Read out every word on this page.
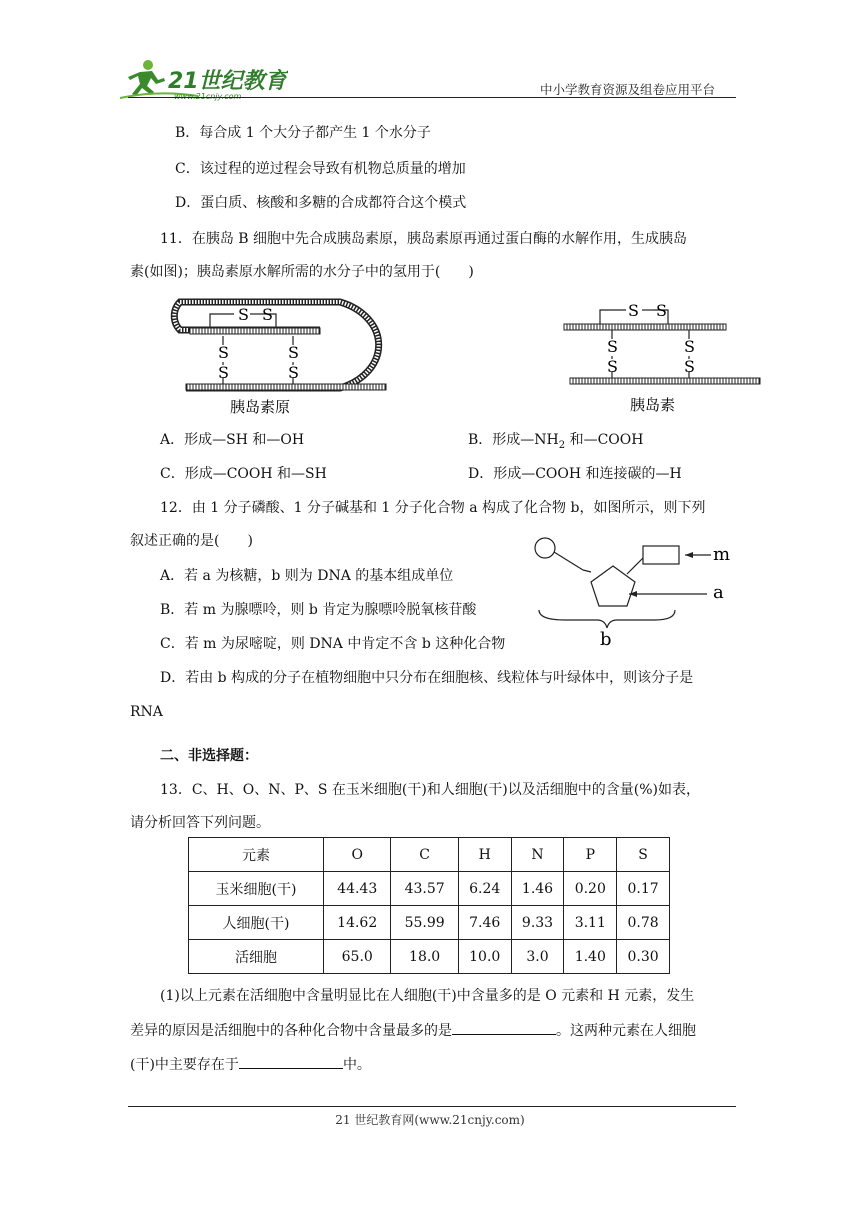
21世纪教育
www.21cnjy.com	中小学教育资源及组卷应用平台
B．每合成 1 个大分子都产生 1 个水分子
C．该过程的逆过程会导致有机物总质量的增加
D．蛋白质、核酸和多糖的合成都符合这个模式
11．在胰岛 B 细胞中先合成胰岛素原，胰岛素原再通过蛋白酶的水解作用，生成胰岛
素(如图)；胰岛素原水解所需的水分子中的氢用于(　　)
S S
S
S
S
S
胰岛素原
S S
S
S
S
S
胰岛素
A．形成—SH 和—OH	B．形成$—NH_2$ 和—COOH
C．形成—COOH 和—SH	D．形成—COOH 和连接碳的—H
12．由 1 分子磷酸、1 分子碱基和 1 分子化合物 a 构成了化合物 b，如图所示，则下列
叙述正确的是(　　)
A．若 a 为核糖，b 则为 DNA 的基本组成单位
B．若 m 为腺嘌呤，则 b 肯定为腺嘌呤脱氧核苷酸
C．若 m 为尿嘧啶，则 DNA 中肯定不含 b 这种化合物
D．若由 b 构成的分子在植物细胞中只分布在细胞核、线粒体与叶绿体中，则该分子是
RNA
m
a
b
二、非选择题：
13．C、H、O、N、P、S 在玉米细胞(干)和人细胞(干)以及活细胞中的含量(%)如表，
请分析回答下列问题。
元素	O	C	H	N	P	S
玉米细胞(干)	44.43	43.57	6.24	1.46	0.20	0.17
人细胞(干)	14.62	55.99	7.46	9.33	3.11	0.78
活细胞	65.0	18.0	10.0	3.0	1.40	0.30
(1)以上元素在活细胞中含量明显比在人细胞(干)中含量多的是 O 元素和 H 元素，发生
差异的原因是活细胞中的各种化合物中含量最多的是	。这两种元素在人细胞
(干)中主要存在于	中。
21 世纪教育网(www.21cnjy.com)
